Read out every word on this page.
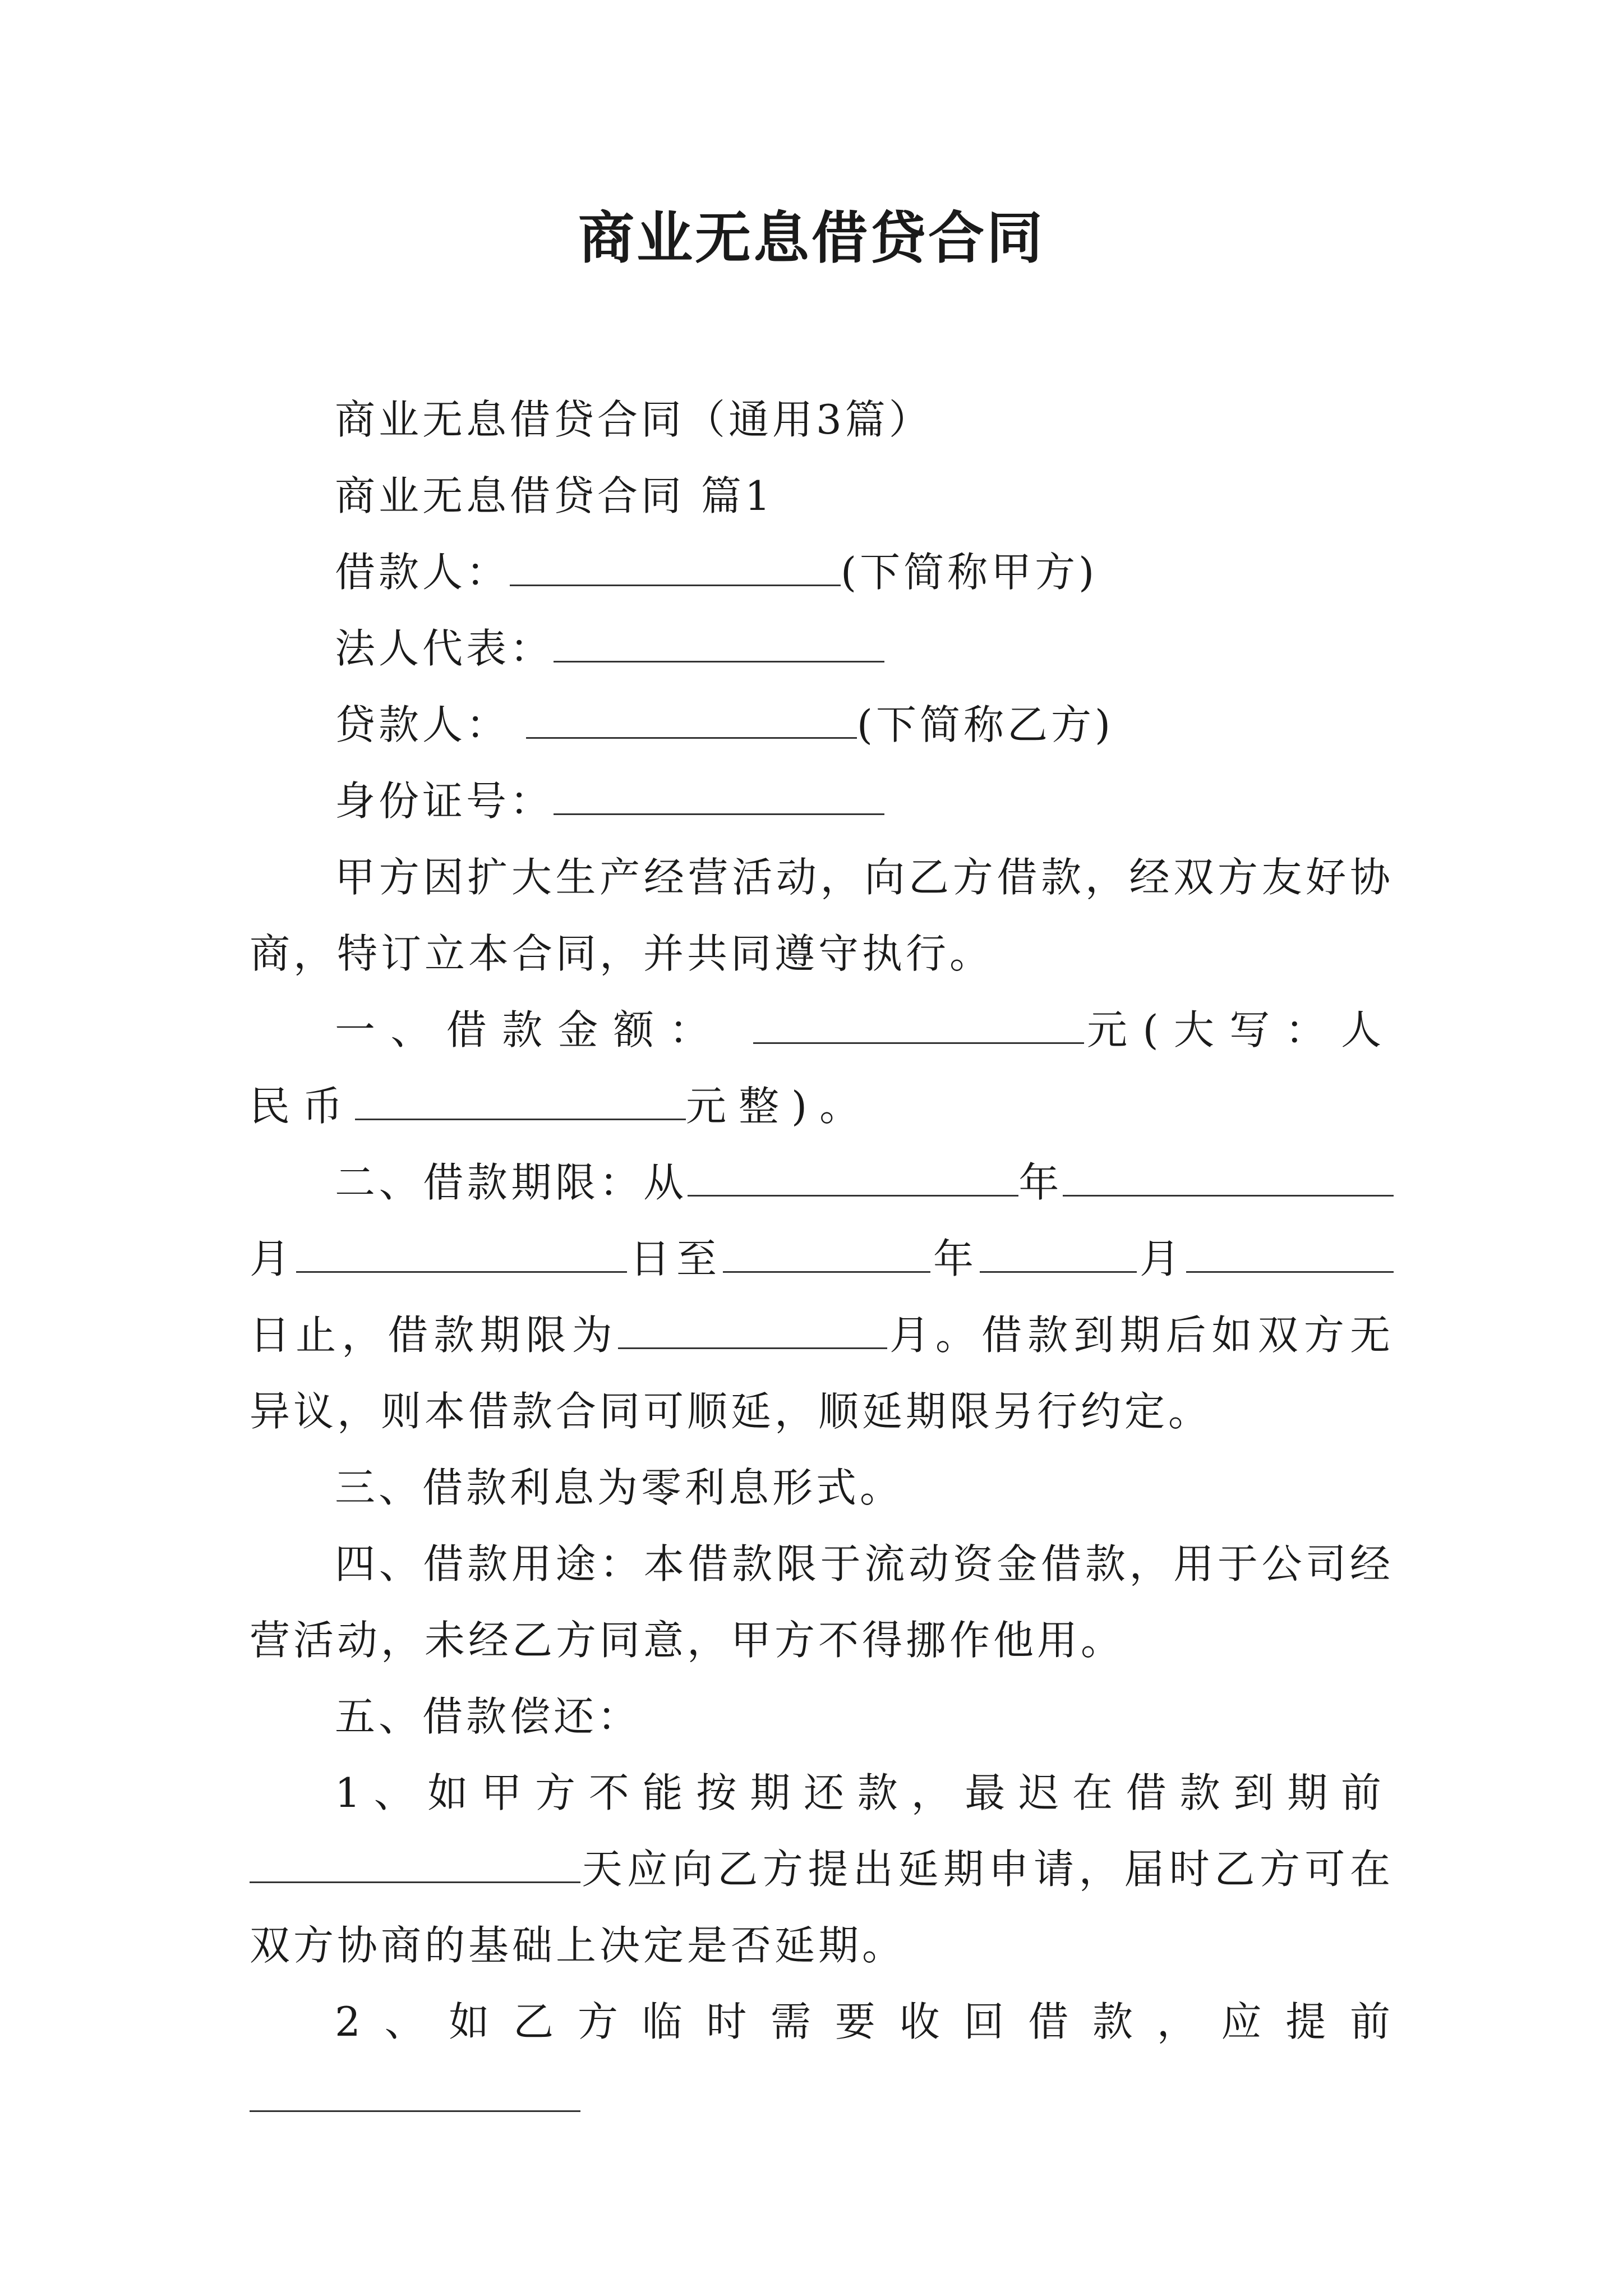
商业无息借贷合同

商业无息借贷合同（通用3篇）

商业无息借贷合同 篇1

借款人：	(下简称甲方)

法人代表：

贷款人：	(下简称乙方)

身份证号：

甲方因扩大生产经营活动，向乙方借款，经双方友好协商，特订立本合同，并共同遵守执行。

一、借款金额：	元(大写：人民币	元整)。

二、借款期限：从	年月	日至	年	月日止，借款期限为	月。借款到期后如双方无异议，则本借款合同可顺延，顺延期限另行约定。

三、借款利息为零利息形式。

四、借款用途：本借款限于流动资金借款，用于公司经营活动，未经乙方同意，甲方不得挪作他用。

五、借款偿还：

1、如甲方不能按期还款，最迟在借款到期前天应向乙方提出延期申请，届时乙方可在双方协商的基础上决定是否延期。

2、如乙方临时需要收回借款，应提前
